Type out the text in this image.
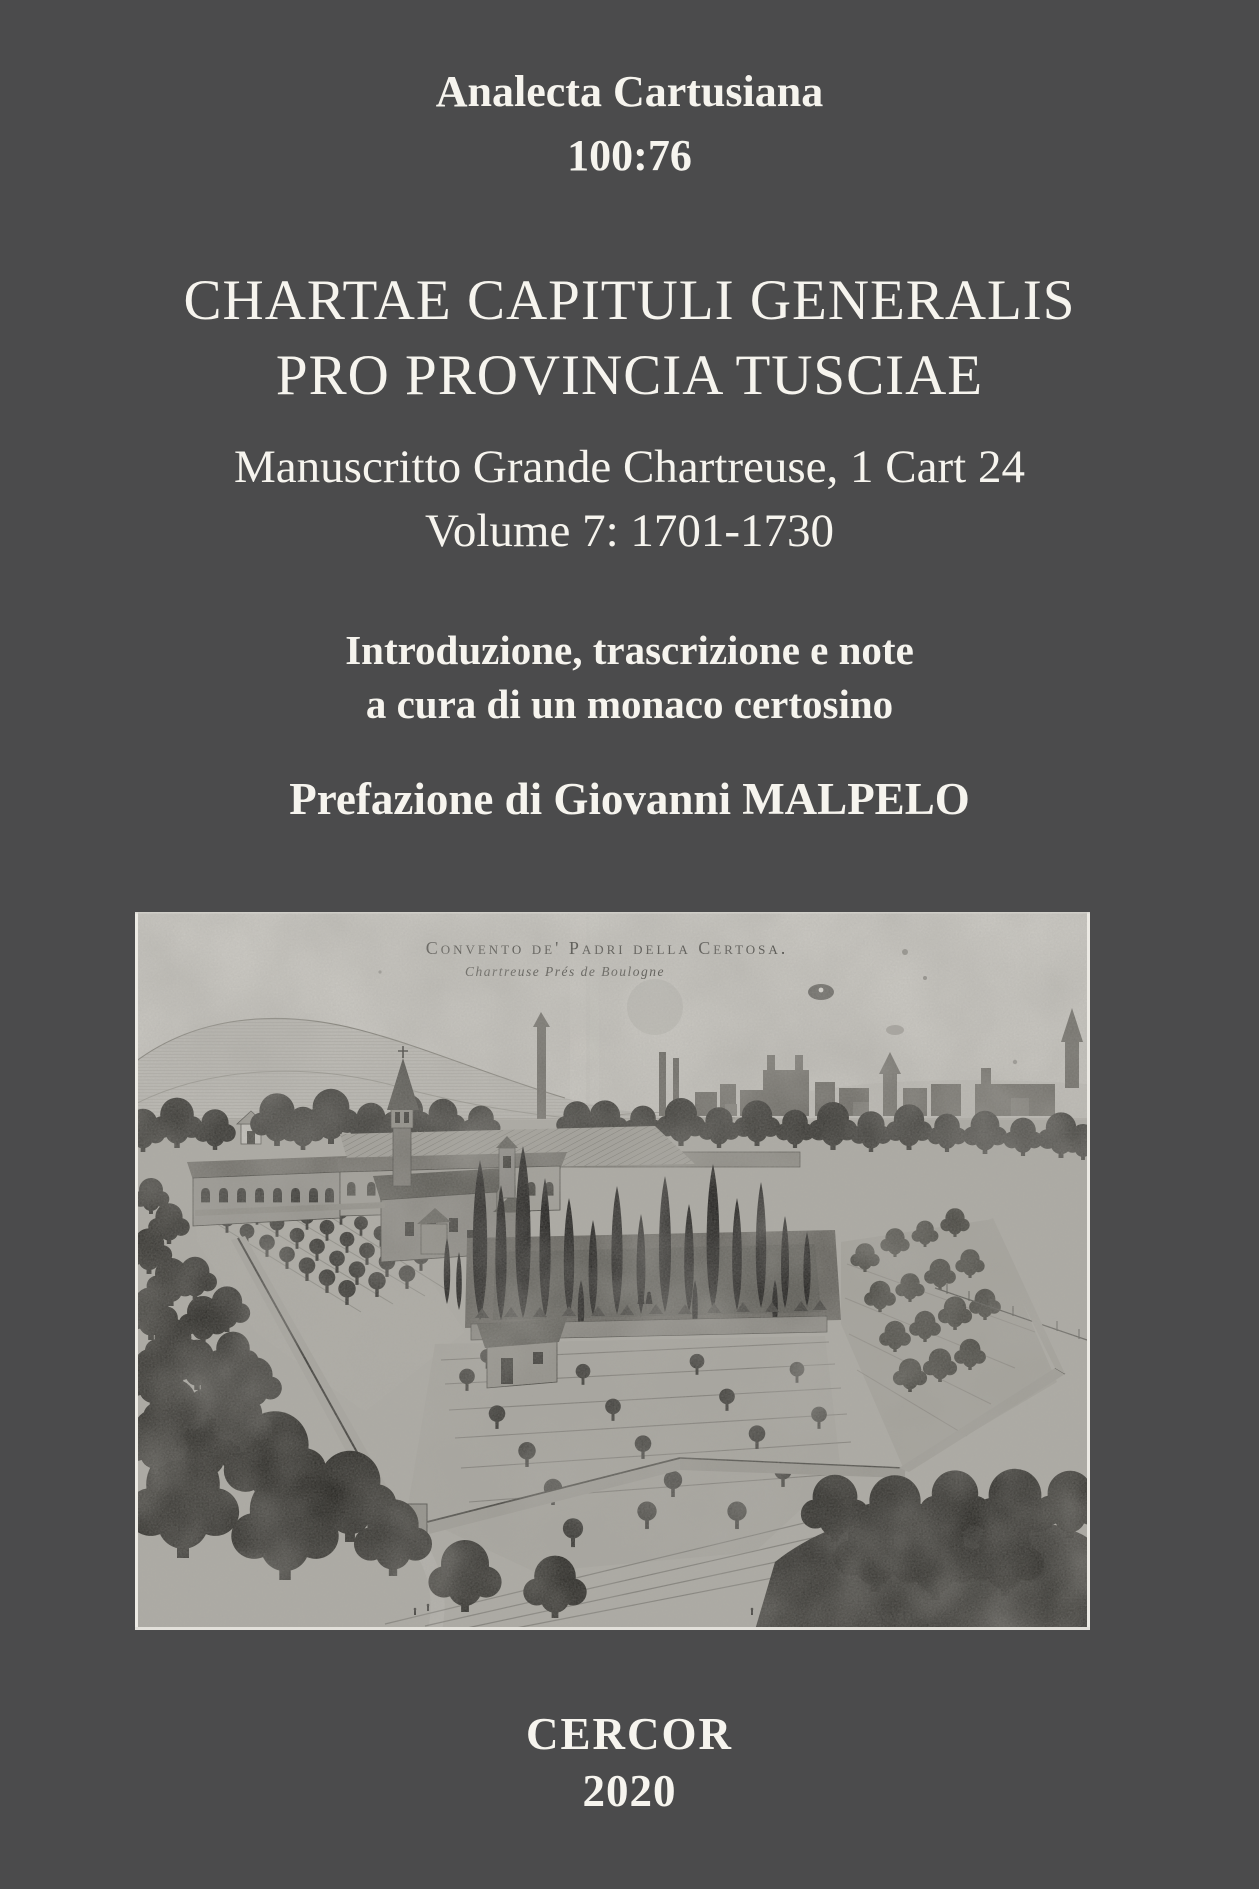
Analecta Cartusiana
100:76
CHARTAE CAPITULI GENERALIS
PRO PROVINCIA TUSCIAE
Manuscritto Grande Chartreuse, 1 Cart 24
Volume 7: 1701-1730
Introduzione, trascrizione e note
a cura di un monaco certosino
Prefazione di Giovanni MALPELO
CERCOR
2020
